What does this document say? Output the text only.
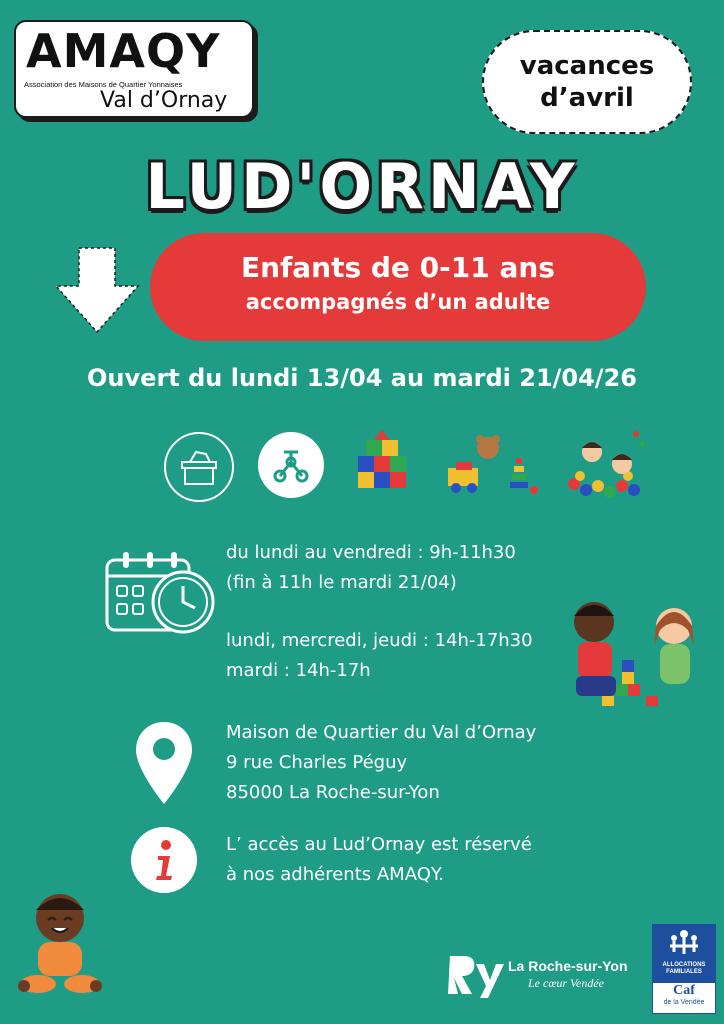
AMAQY
Association des Maisons de Quartier Yonnaises
Val d’Ornay
vacances
d’avril
LUD'ORNAY
Enfants de 0-11 ans
accompagnés d’un adulte
Ouvert du lundi 13/04 au mardi 21/04/26
du lundi au vendredi : 9h-11h30
(fin à 11h le mardi 21/04)
lundi, mercredi, jeudi : 14h-17h30
mardi : 14h-17h
Maison de Quartier du Val d’Ornay
9 rue Charles Péguy
85000 La Roche-sur-Yon
L’ accès au Lud’Ornay est réservé
à nos adhérents AMAQY.
La Roche-sur-Yon
Le cœur Vendée
ALLOCATIONS
FAMILIALES
Caf
de la Vendée
